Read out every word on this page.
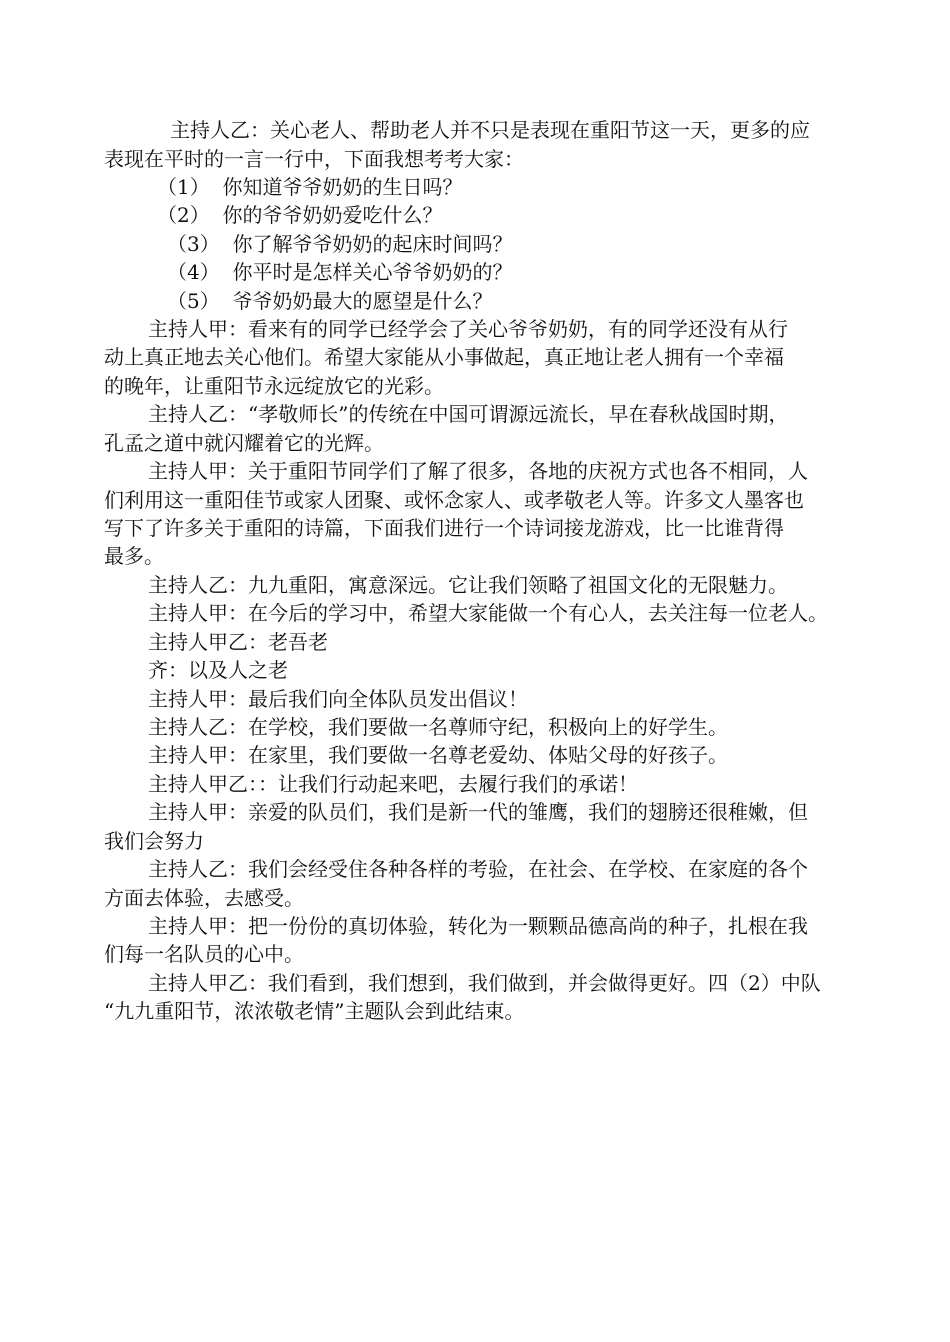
主持人乙：关心老人、帮助老人并不只是表现在重阳节这一天，更多的应
表现在平时的一言一行中，下面我想考考大家：
（1）  你知道爷爷奶奶的生日吗？
（2）  你的爷爷奶奶爱吃什么？
（3）  你了解爷爷奶奶的起床时间吗？
（4）  你平时是怎样关心爷爷奶奶的？
（5）  爷爷奶奶最大的愿望是什么？
主持人甲：看来有的同学已经学会了关心爷爷奶奶，有的同学还没有从行
动上真正地去关心他们。希望大家能从小事做起，真正地让老人拥有一个幸福
的晚年，让重阳节永远绽放它的光彩。
主持人乙：“孝敬师长”的传统在中国可谓源远流长，早在春秋战国时期，
孔孟之道中就闪耀着它的光辉。
主持人甲：关于重阳节同学们了解了很多，各地的庆祝方式也各不相同，人
们利用这一重阳佳节或家人团聚、或怀念家人、或孝敬老人等。许多文人墨客也
写下了许多关于重阳的诗篇，下面我们进行一个诗词接龙游戏，比一比谁背得
最多。
主持人乙：九九重阳，寓意深远。它让我们领略了祖国文化的无限魅力。
主持人甲：在今后的学习中，希望大家能做一个有心人，去关注每一位老人。
主持人甲乙：老吾老
齐：以及人之老
主持人甲：最后我们向全体队员发出倡议！
主持人乙：在学校，我们要做一名尊师守纪，积极向上的好学生。
主持人甲：在家里，我们要做一名尊老爱幼、体贴父母的好孩子。
主持人甲乙：：让我们行动起来吧，去履行我们的承诺！
主持人甲：亲爱的队员们，我们是新一代的雏鹰，我们的翅膀还很稚嫩，但
我们会努力
主持人乙：我们会经受住各种各样的考验，在社会、在学校、在家庭的各个
方面去体验，去感受。
主持人甲：把一份份的真切体验，转化为一颗颗品德高尚的种子，扎根在我
们每一名队员的心中。
主持人甲乙：我们看到，我们想到，我们做到，并会做得更好。四（2）中队
“九九重阳节，浓浓敬老情”主题队会到此结束。
